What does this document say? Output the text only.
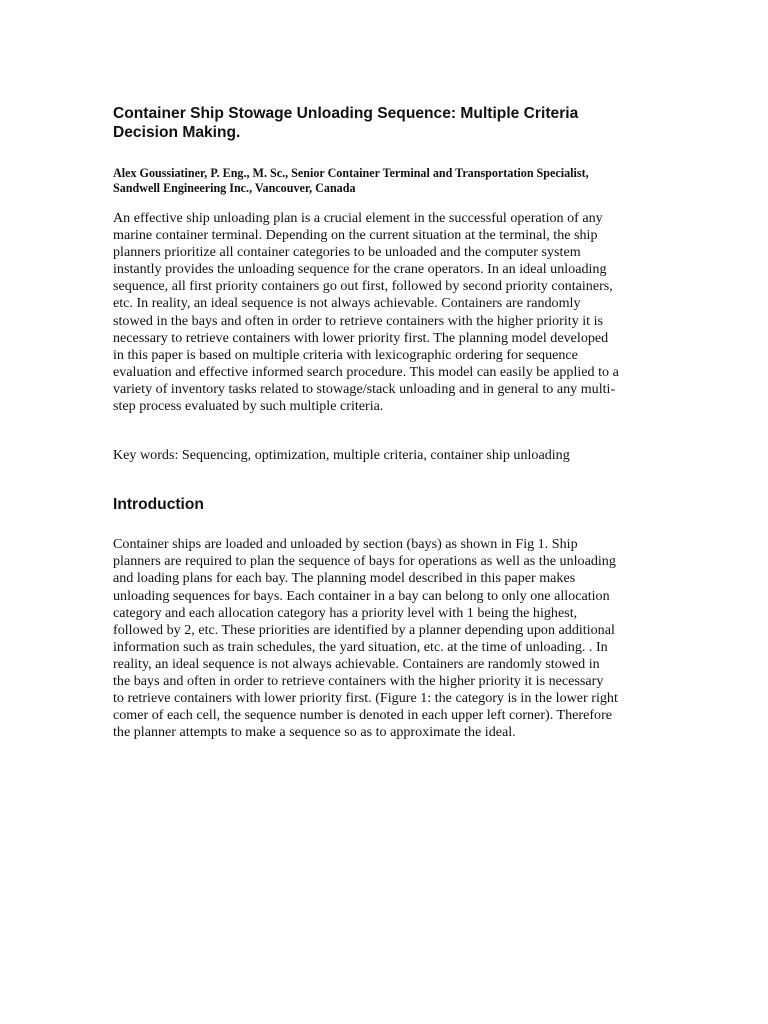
Container Ship Stowage Unloading Sequence: Multiple Criteria
Decision Making.
Alex Goussiatiner, P. Eng., M. Sc., Senior Container Terminal and Transportation Specialist,
Sandwell Engineering Inc., Vancouver, Canada
An effective ship unloading plan is a crucial element in the successful operation of any
marine container terminal. Depending on the current situation at the terminal, the ship
planners prioritize all container categories to be unloaded and the computer system
instantly provides the unloading sequence for the crane operators. In an ideal unloading
sequence, all first priority containers go out first, followed by second priority containers,
etc. In reality, an ideal sequence is not always achievable. Containers are randomly
stowed in the bays and often in order to retrieve containers with the higher priority it is
necessary to retrieve containers with lower priority first. The planning model developed
in this paper is based on multiple criteria with lexicographic ordering for sequence
evaluation and effective informed search procedure. This model can easily be applied to a
variety of inventory tasks related to stowage/stack unloading and in general to any multi-
step process evaluated by such multiple criteria.

Key words: Sequencing, optimization, multiple criteria, container ship unloading

Introduction
Container ships are loaded and unloaded by section (bays) as shown in Fig 1. Ship
planners are required to plan the sequence of bays for operations as well as the unloading
and loading plans for each bay. The planning model described in this paper makes
unloading sequences for bays. Each container in a bay can belong to only one allocation
category and each allocation category has a priority level with 1 being the highest,
followed by 2, etc. These priorities are identified by a planner depending upon additional
information such as train schedules, the yard situation, etc. at the time of unloading. . In
reality, an ideal sequence is not always achievable. Containers are randomly stowed in
the bays and often in order to retrieve containers with the higher priority it is necessary
to retrieve containers with lower priority first. (Figure 1: the category is in the lower right
comer of each cell, the sequence number is denoted in each upper left corner). Therefore
the planner attempts to make a sequence so as to approximate the ideal.
